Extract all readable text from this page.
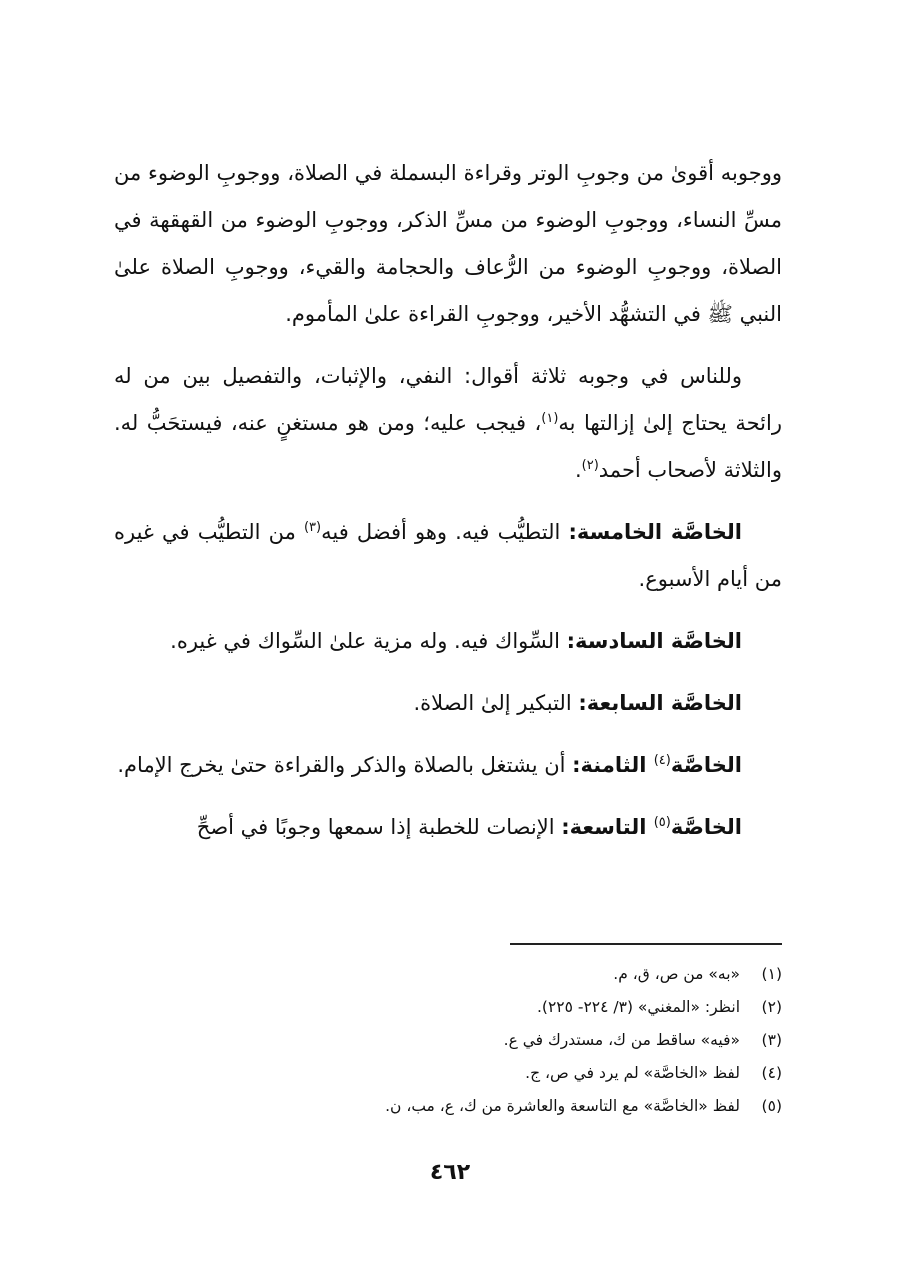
ووجوبه أقوىٰ من وجوبِ الوتر وقراءة البسملة في الصلاة، ووجوبِ الوضوء من مسِّ النساء، ووجوبِ الوضوء من مسِّ الذكر، ووجوبِ الوضوء من القهقهة في الصلاة، ووجوبِ الوضوء من الرُّعاف والحجامة والقيء، ووجوبِ الصلاة علىٰ النبي ﷺ في التشهُّد الأخير، ووجوبِ القراءة علىٰ المأموم.

وللناس في وجوبه ثلاثة أقوال: النفي، والإثبات، والتفصيل بين من له رائحة يحتاج إلىٰ إزالتها به$^{(١)}$، فيجب عليه؛ ومن هو مستغنٍ عنه، فيستحَبُّ له. والثلاثة لأصحاب أحمد$^{(٢)}$.

الخاصَّة الخامسة: التطيُّب فيه. وهو أفضل فيه$^{(٣)}$ من التطيُّب في غيره من أيام الأسبوع.

الخاصَّة السادسة: السِّواك فيه. وله مزية علىٰ السِّواك في غيره.

الخاصَّة السابعة: التبكير إلىٰ الصلاة.

الخاصَّة$^{(٤)}$ الثامنة: أن يشتغل بالصلاة والذكر والقراءة حتىٰ يخرج الإمام.

الخاصَّة$^{(٥)}$ التاسعة: الإنصات للخطبة إذا سمعها وجوبًا في أصحِّ

(١)«به» من ص، ق، م.
(٢)انظر: «المغني» (٣/ ٢٢٤- ٢٢٥).
(٣)«فيه» ساقط من ك، مستدرك في ع.
(٤)لفظ «الخاصَّة» لم يرد في ص، ج.
(٥)لفظ «الخاصَّة» مع التاسعة والعاشرة من ك، ع، مب، ن.
٤٦٢
